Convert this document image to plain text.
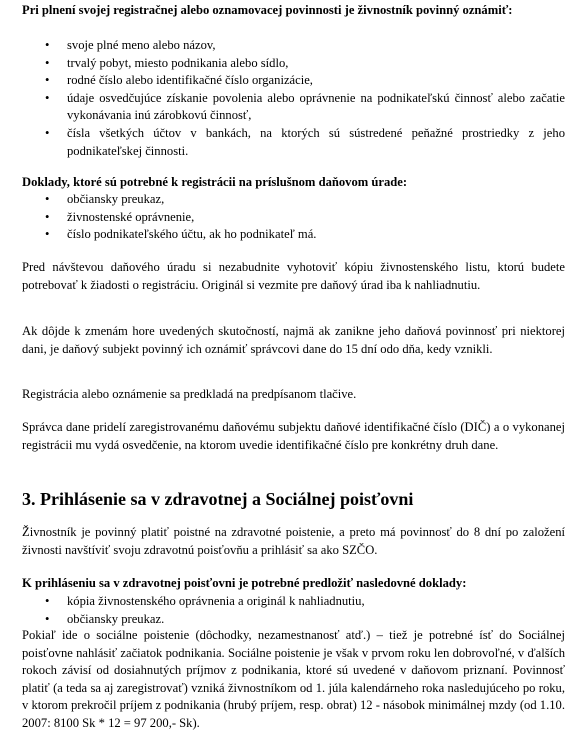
Pri plnení svojej registračnej alebo oznamovacej povinnosti je živnostník povinný oznámiť:
• svoje plné meno alebo názov,
• trvalý pobyt, miesto podnikania alebo sídlo,
• rodné číslo alebo identifikačné číslo organizácie,
• údaje osvedčujúce získanie povolenia alebo oprávnenie na podnikateľskú činnosť alebo začatie vykonávania inú zárobkovú činnosť,
• čísla všetkých účtov v bankách, na ktorých sú sústredené peňažné prostriedky z jeho podnikateľskej činnosti.
Doklady, ktoré sú potrebné k registrácii na príslušnom daňovom úrade:
• občiansky preukaz,
• živnostenské oprávnenie,
• číslo podnikateľského účtu, ak ho podnikateľ má.
Pred návštevou daňového úradu si nezabudnite vyhotoviť kópiu živnostenského listu, ktorú budete potrebovať k žiadosti o registráciu. Originál si vezmite pre daňový úrad iba k nahliadnutiu.
Ak dôjde k zmenám hore uvedených skutočností, najmä ak zanikne jeho daňová povinnosť pri niektorej dani, je daňový subjekt povinný ich oznámiť správcovi dane do 15 dní odo dňa, kedy vznikli.
Registrácia alebo oznámenie sa predkladá na predpísanom tlačive.
Správca dane pridelí zaregistrovanému daňovému subjektu daňové identifikačné číslo (DIČ) a o vykonanej registrácii mu vydá osvedčenie, na ktorom uvedie identifikačné číslo pre konkrétny druh dane.
3. Prihlásenie sa v zdravotnej a Sociálnej poisťovni
Živnostník je povinný platiť poistné na zdravotné poistenie, a preto má povinnosť do 8 dní po založení živnosti navštíviť svoju zdravotnú poisťovňu a prihlásiť sa ako SZČO.
K prihláseniu sa v zdravotnej poisťovni je potrebné predložiť nasledovné doklady:
• kópia živnostenského oprávnenia a originál k nahliadnutiu,
• občiansky preukaz.
Pokiaľ ide o sociálne poistenie (dôchodky, nezamestnanosť atď.) – tiež je potrebné ísť do Sociálnej poisťovne nahlásiť začiatok podnikania. Sociálne poistenie je však v prvom roku len dobrovoľné, v ďalších rokoch závisí od dosiahnutých príjmov z podnikania, ktoré sú uvedené v daňovom priznaní. Povinnosť platiť (a teda sa aj zaregistrovať) vzniká živnostníkom od 1. júla kalendárneho roka nasledujúceho po roku, v ktorom prekročil príjem z podnikania (hrubý príjem, resp. obrat) 12 - násobok minimálnej mzdy (od 1.10. 2007: 8100 Sk * 12 = 97 200,- Sk).
